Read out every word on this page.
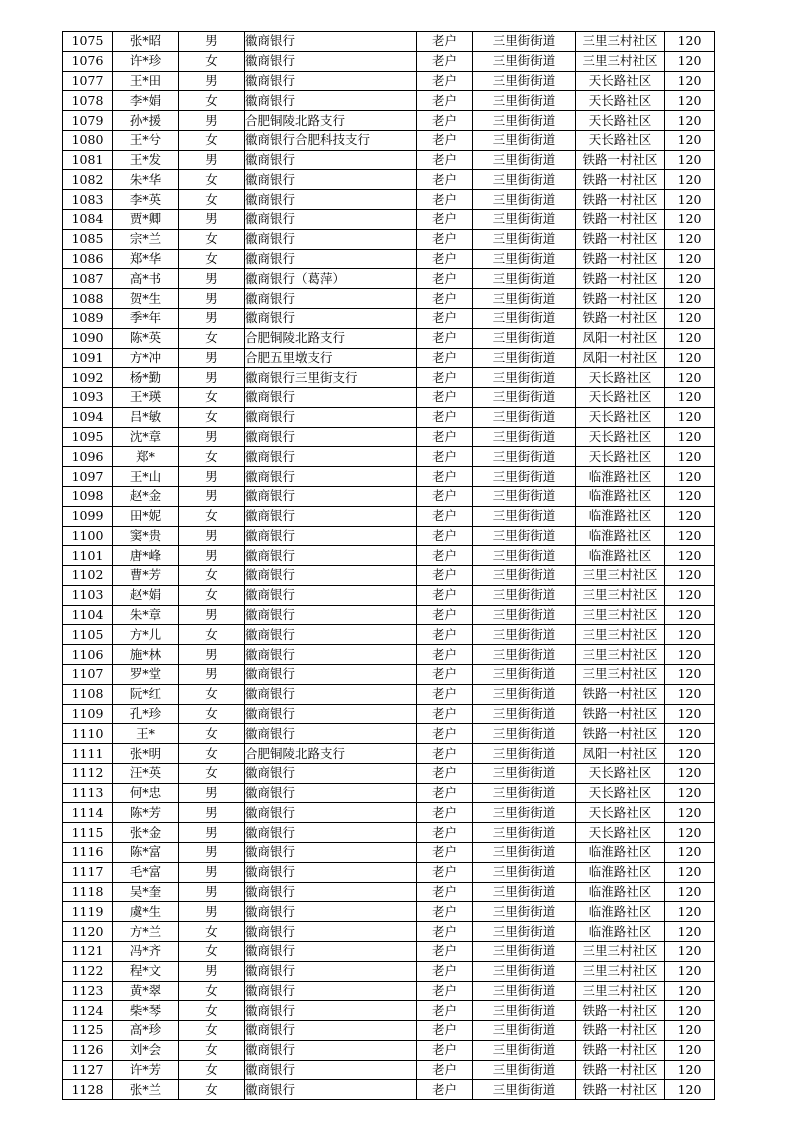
1075	张*昭	男	徽商银行	老户	三里街街道	三里三村社区	120
1076	许*珍	女	徽商银行	老户	三里街街道	三里三村社区	120
1077	王*田	男	徽商银行	老户	三里街街道	天长路社区	120
1078	李*娟	女	徽商银行	老户	三里街街道	天长路社区	120
1079	孙*援	男	合肥铜陵北路支行	老户	三里街街道	天长路社区	120
1080	王*兮	女	徽商银行合肥科技支行	老户	三里街街道	天长路社区	120
1081	王*发	男	徽商银行	老户	三里街街道	铁路一村社区	120
1082	朱*华	女	徽商银行	老户	三里街街道	铁路一村社区	120
1083	李*英	女	徽商银行	老户	三里街街道	铁路一村社区	120
1084	贾*卿	男	徽商银行	老户	三里街街道	铁路一村社区	120
1085	宗*兰	女	徽商银行	老户	三里街街道	铁路一村社区	120
1086	郑*华	女	徽商银行	老户	三里街街道	铁路一村社区	120
1087	高*书	男	徽商银行（葛萍）	老户	三里街街道	铁路一村社区	120
1088	贺*生	男	徽商银行	老户	三里街街道	铁路一村社区	120
1089	季*年	男	徽商银行	老户	三里街街道	铁路一村社区	120
1090	陈*英	女	合肥铜陵北路支行	老户	三里街街道	凤阳一村社区	120
1091	方*冲	男	合肥五里墩支行	老户	三里街街道	凤阳一村社区	120
1092	杨*勤	男	徽商银行三里街支行	老户	三里街街道	天长路社区	120
1093	王*瑛	女	徽商银行	老户	三里街街道	天长路社区	120
1094	吕*敏	女	徽商银行	老户	三里街街道	天长路社区	120
1095	沈*章	男	徽商银行	老户	三里街街道	天长路社区	120
1096	郑*	女	徽商银行	老户	三里街街道	天长路社区	120
1097	王*山	男	徽商银行	老户	三里街街道	临淮路社区	120
1098	赵*金	男	徽商银行	老户	三里街街道	临淮路社区	120
1099	田*妮	女	徽商银行	老户	三里街街道	临淮路社区	120
1100	窦*贵	男	徽商银行	老户	三里街街道	临淮路社区	120
1101	唐*峰	男	徽商银行	老户	三里街街道	临淮路社区	120
1102	曹*芳	女	徽商银行	老户	三里街街道	三里三村社区	120
1103	赵*娟	女	徽商银行	老户	三里街街道	三里三村社区	120
1104	朱*章	男	徽商银行	老户	三里街街道	三里三村社区	120
1105	方*儿	女	徽商银行	老户	三里街街道	三里三村社区	120
1106	施*林	男	徽商银行	老户	三里街街道	三里三村社区	120
1107	罗*堂	男	徽商银行	老户	三里街街道	三里三村社区	120
1108	阮*红	女	徽商银行	老户	三里街街道	铁路一村社区	120
1109	孔*珍	女	徽商银行	老户	三里街街道	铁路一村社区	120
1110	王*	女	徽商银行	老户	三里街街道	铁路一村社区	120
1111	张*明	女	合肥铜陵北路支行	老户	三里街街道	凤阳一村社区	120
1112	汪*英	女	徽商银行	老户	三里街街道	天长路社区	120
1113	何*忠	男	徽商银行	老户	三里街街道	天长路社区	120
1114	陈*芳	男	徽商银行	老户	三里街街道	天长路社区	120
1115	张*金	男	徽商银行	老户	三里街街道	天长路社区	120
1116	陈*富	男	徽商银行	老户	三里街街道	临淮路社区	120
1117	毛*富	男	徽商银行	老户	三里街街道	临淮路社区	120
1118	吴*奎	男	徽商银行	老户	三里街街道	临淮路社区	120
1119	虞*生	男	徽商银行	老户	三里街街道	临淮路社区	120
1120	方*兰	女	徽商银行	老户	三里街街道	临淮路社区	120
1121	冯*齐	女	徽商银行	老户	三里街街道	三里三村社区	120
1122	程*文	男	徽商银行	老户	三里街街道	三里三村社区	120
1123	黄*翠	女	徽商银行	老户	三里街街道	三里三村社区	120
1124	柴*琴	女	徽商银行	老户	三里街街道	铁路一村社区	120
1125	高*珍	女	徽商银行	老户	三里街街道	铁路一村社区	120
1126	刘*会	女	徽商银行	老户	三里街街道	铁路一村社区	120
1127	许*芳	女	徽商银行	老户	三里街街道	铁路一村社区	120
1128	张*兰	女	徽商银行	老户	三里街街道	铁路一村社区	120
